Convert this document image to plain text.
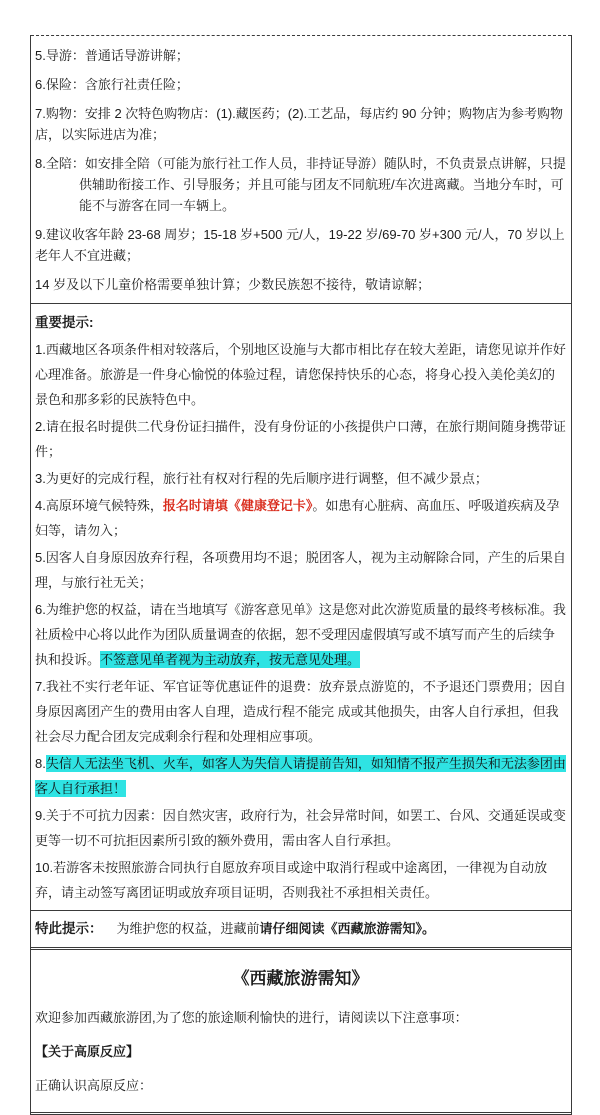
5.导游：普通话导游讲解；

6.保险：含旅行社责任险；

7.购物：安排 2 次特色购物店：(1).藏医药；(2).工艺品，每店约 90 分钟；购物店为参考购物店，以实际进店为准；

8.全陪：如安排全陪（可能为旅行社工作人员，非持证导游）随队时，不负责景点讲解，只提供辅助衔接工作、引导服务；并且可能与团友不同航班/车次进离藏。当地分车时，可能不与游客在同一车辆上。

9.建议收客年龄 23-68 周岁；15-18 岁+500 元/人，19-22 岁/69-70 岁+300 元/人，70 岁以上老年人不宜进藏；

14 岁及以下儿童价格需要单独计算；少数民族恕不接待，敬请谅解；

重要提示:

1.西藏地区各项条件相对较落后，个别地区设施与大都市相比存在较大差距，请您见谅并作好心理准备。旅游是一件身心愉悦的体验过程，请您保持快乐的心态，将身心投入美伦美幻的景色和那多彩的民族特色中。

2.请在报名时提供二代身份证扫描件，没有身份证的小孩提供户口薄，在旅行期间随身携带证件；

3.为更好的完成行程，旅行社有权对行程的先后顺序进行调整，但不减少景点；

4.高原环境气候特殊，报名时请填《健康登记卡》。如患有心脏病、高血压、呼吸道疾病及孕妇等，请勿入；

5.因客人自身原因放弃行程，各项费用均不退；脱团客人，视为主动解除合同，产生的后果自理，与旅行社无关；

6.为维护您的权益，请在当地填写《游客意见单》这是您对此次游览质量的最终考核标准。我社质检中心将以此作为团队质量调查的依据，恕不受理因虚假填写或不填写而产生的后续争执和投诉。不签意见单者视为主动放弃，按无意见处理。

7.我社不实行老年证、军官证等优惠证件的退费：放弃景点游览的，不予退还门票费用；因自身原因离团产生的费用由客人自理，造成行程不能完 成或其他损失，由客人自行承担，但我社会尽力配合团友完成剩余行程和处理相应事项。

8.失信人无法坐飞机、火车，如客人为失信人请提前告知，如知情不报产生损失和无法参团由客人自行承担！

9.关于不可抗力因素：因自然灾害，政府行为，社会异常时间，如罢工、台风、交通延误或变更等一切不可抗拒因素所引致的额外费用，需由客人自行承担。

10.若游客未按照旅游合同执行自愿放弃项目或途中取消行程或中途离团，一律视为自动放弃，请主动签写离团证明或放弃项目证明，否则我社不承担相关责任。

特此提示： 为维护您的权益，进藏前请仔细阅读《西藏旅游需知》。

《西藏旅游需知》

欢迎参加西藏旅游团,为了您的旅途顺利愉快的进行，请阅读以下注意事项：

【关于高原反应】

正确认识高原反应：
